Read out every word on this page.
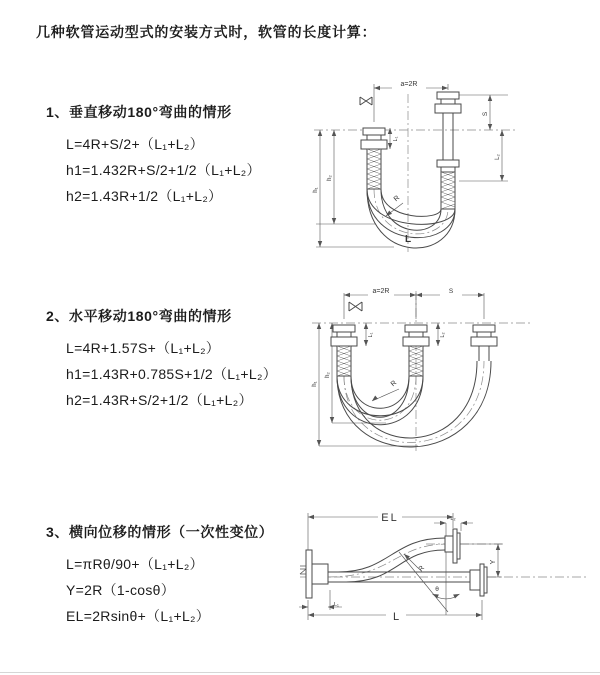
几种软管运动型式的安装方式时，软管的长度计算：
1、垂直移动180°弯曲的情形
L=4R+S/2+（L₁+L₂）
h1=1.432R+S/2+1/2（L₁+L₂）
h2=1.43R+1/2（L₁+L₂）
2、水平移动180°弯曲的情形
L=4R+1.57S+（L₁+L₂）
h1=1.43R+0.785S+1/2（L₁+L₂）
h2=1.43R+S/2+1/2（L₁+L₂）
3、横向位移的情形（一次性变位）
L=πRθ/90+（L₁+L₂）
Y=2R（1-cosθ）
EL=2Rsinθ+（L₁+L₂）
a=2R
S
L₂
h₂
h₁
L₁
R
L
a=2R	S
h₁
h₂
L₁	L₂
R
EL	L₂
Y
R
θ
L
L₁
